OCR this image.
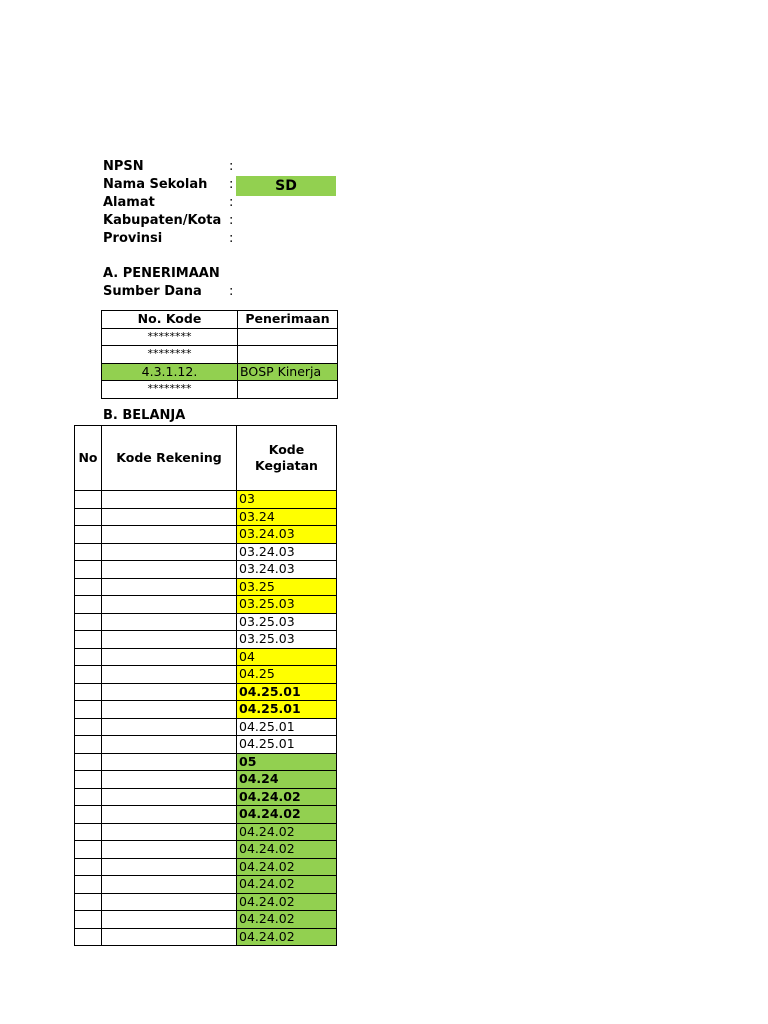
NPSN	:
Nama Sekolah :	SD
Alamat	:
Kabupaten/Kota :
Provinsi	:
A. PENERIMAAN
Sumber Dana :
No. Kode	Penerimaan
********	
********	
4.3.1.12.	BOSP Kinerja
********	
B. BELANJA
No	Kode Rekening	Kode Kegiatan
		03
		03.24
		03.24.03
		03.24.03
		03.24.03
		03.25
		03.25.03
		03.25.03
		03.25.03
		04
		04.25
		04.25.01
		04.25.01
		04.25.01
		04.25.01
		05
		04.24
		04.24.02
		04.24.02
		04.24.02
		04.24.02
		04.24.02
		04.24.02
		04.24.02
		04.24.02
		04.24.02
